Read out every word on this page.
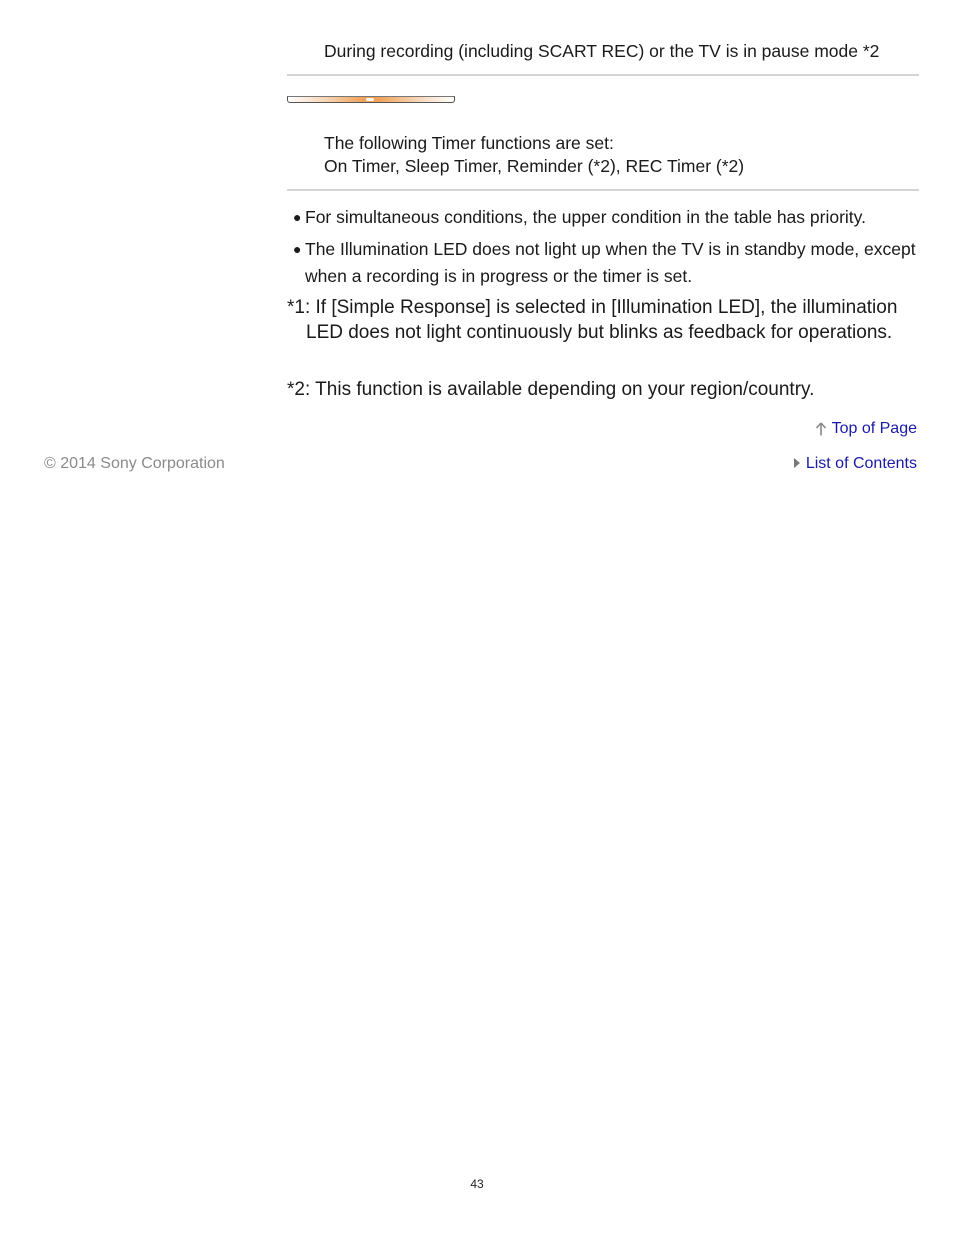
During recording (including SCART REC) or the TV is in pause mode *2
The following Timer functions are set:
On Timer, Sleep Timer, Reminder (*2), REC Timer (*2)
● For simultaneous conditions, the upper condition in the table has priority.
● The Illumination LED does not light up when the TV is in standby mode, except when a recording is in progress or the timer is set.
*1: If [Simple Response] is selected in [Illumination LED], the illumination LED does not light continuously but blinks as feedback for operations.
*2: This function is available depending on your region/country.
Top of Page
© 2014 Sony Corporation	List of Contents
43
